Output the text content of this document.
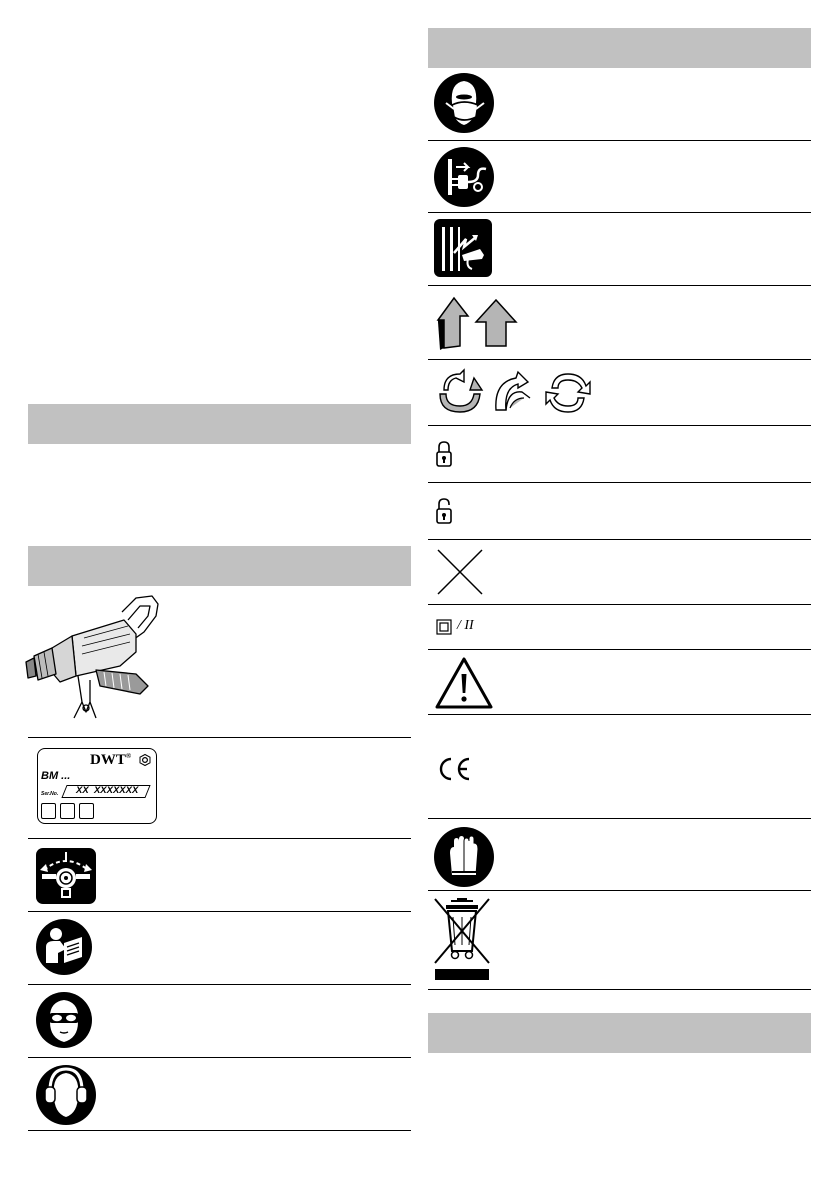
DWT®
BM ...
Ser.No. XX  XXXXXXX
/ II
